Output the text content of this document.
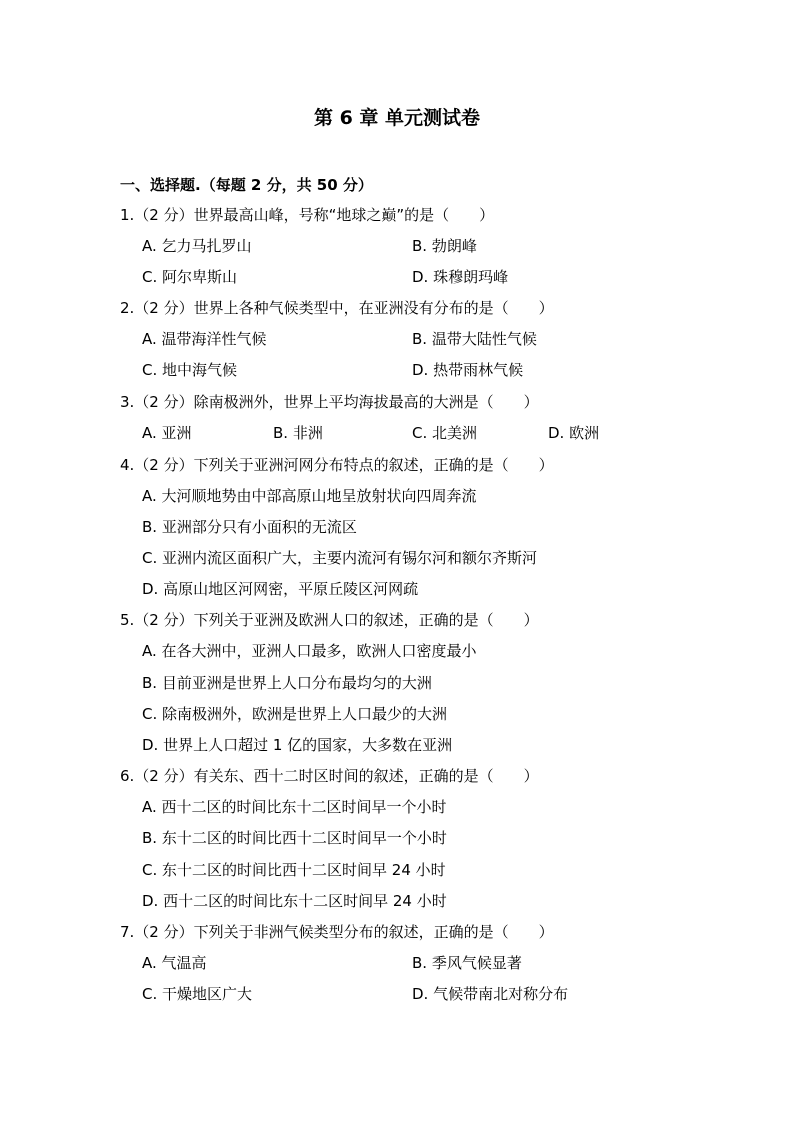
第 6 章 单元测试卷
一、选择题.（每题 2 分，共 50 分）
1.（2 分）世界最高山峰，号称“地球之巅”的是（　　）
A. 乞力马扎罗山	B. 勃朗峰
C. 阿尔卑斯山	D. 珠穆朗玛峰
2.（2 分）世界上各种气候类型中，在亚洲没有分布的是（　　）
A. 温带海洋性气候	B. 温带大陆性气候
C. 地中海气候	D. 热带雨林气候
3.（2 分）除南极洲外，世界上平均海拔最高的大洲是（　　）
A. 亚洲	B. 非洲	C. 北美洲	D. 欧洲
4.（2 分）下列关于亚洲河网分布特点的叙述，正确的是（　　）
A. 大河顺地势由中部高原山地呈放射状向四周奔流
B. 亚洲部分只有小面积的无流区
C. 亚洲内流区面积广大，主要内流河有锡尔河和额尔齐斯河
D. 高原山地区河网密，平原丘陵区河网疏
5.（2 分）下列关于亚洲及欧洲人口的叙述，正确的是（　　）
A. 在各大洲中，亚洲人口最多，欧洲人口密度最小
B. 目前亚洲是世界上人口分布最均匀的大洲
C. 除南极洲外，欧洲是世界上人口最少的大洲
D. 世界上人口超过 1 亿的国家，大多数在亚洲
6.（2 分）有关东、西十二时区时间的叙述，正确的是（　　）
A. 西十二区的时间比东十二区时间早一个小时
B. 东十二区的时间比西十二区时间早一个小时
C. 东十二区的时间比西十二区时间早 24 小时
D. 西十二区的时间比东十二区时间早 24 小时
7.（2 分）下列关于非洲气候类型分布的叙述，正确的是（　　）
A. 气温高	B. 季风气候显著
C. 干燥地区广大	D. 气候带南北对称分布
